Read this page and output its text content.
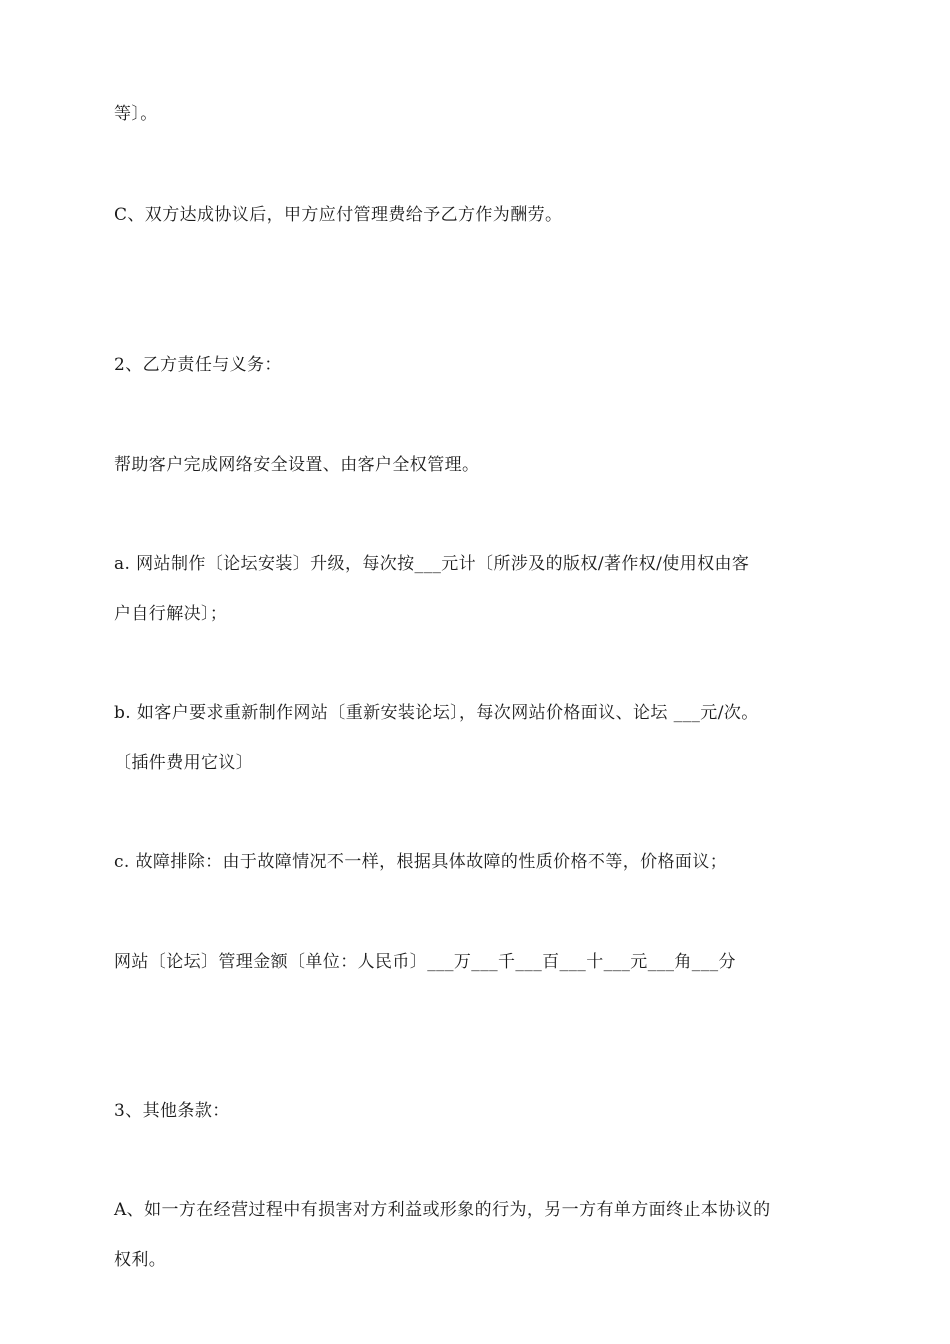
等〕。
C、双方达成协议后，甲方应付管理费给予乙方作为酬劳。
2、乙方责任与义务：
帮助客户完成网络安全设置、由客户全权管理。
a. 网站制作〔论坛安装〕升级，每次按___元计〔所涉及的版权/著作权/使用权由客
户自行解决〕；
b. 如客户要求重新制作网站〔重新安装论坛〕，每次网站价格面议、论坛 ___元/次。
〔插件费用它议〕
c. 故障排除：由于故障情况不一样，根据具体故障的性质价格不等，价格面议；
网站〔论坛〕管理金额〔单位：人民币〕___万___千___百___十___元___角___分
3、其他条款：
A、如一方在经营过程中有损害对方利益或形象的行为，另一方有单方面终止本协议的
权利。
